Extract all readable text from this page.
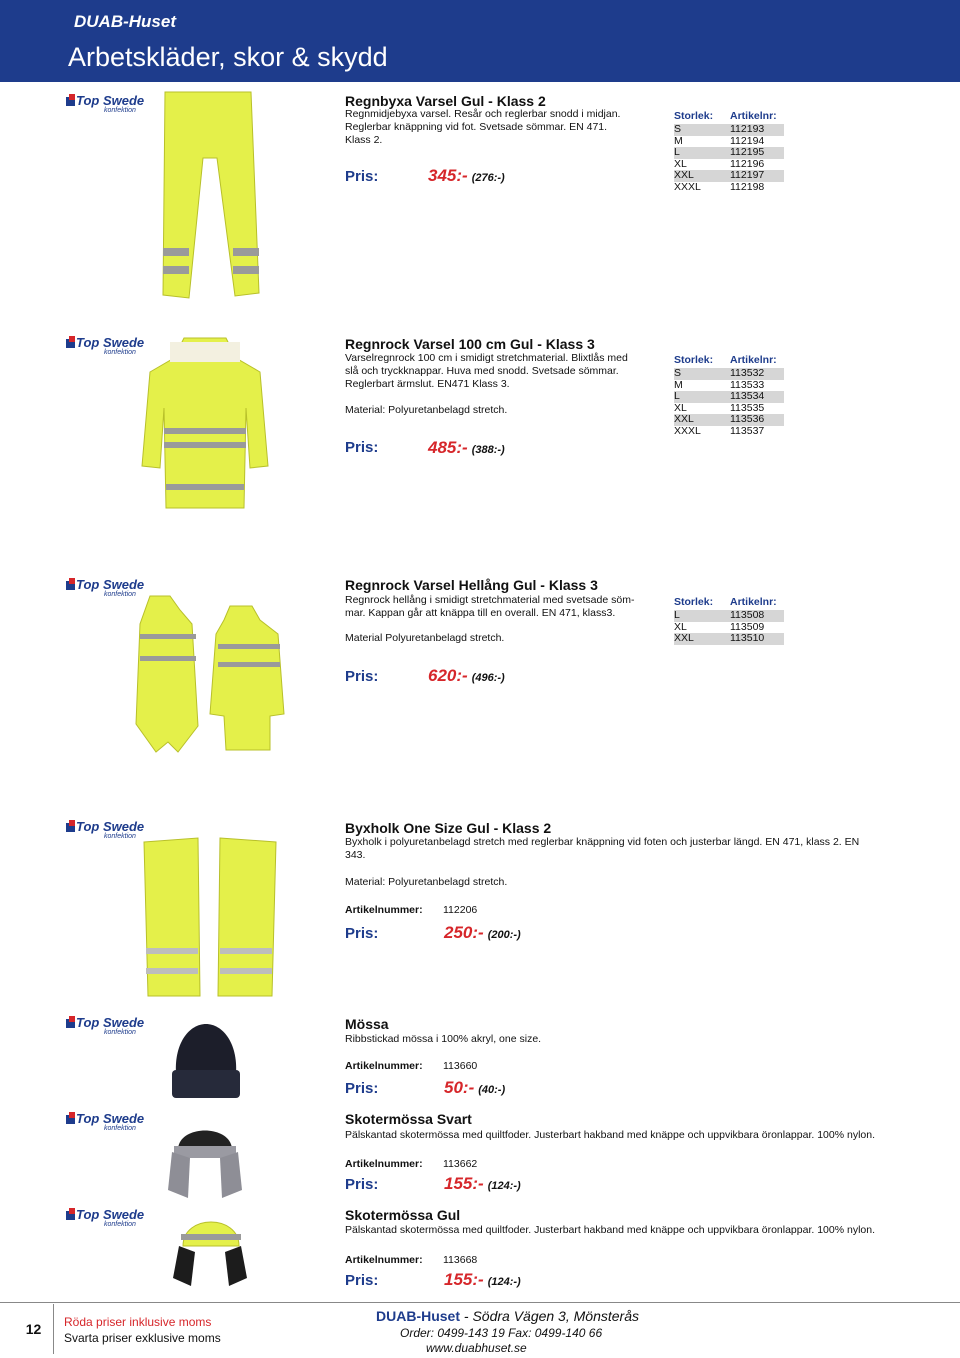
DUAB-Huset
Arbetskläder, skor & skydd
Top Swede
konfektion
Regnbyxa Varsel Gul - Klass 2
Regnmidjebyxa varsel. Resår och reglerbar snodd i midjan.
Reglerbar knäppning vid fot. Svetsade sömmar. EN 471.
Klass 2.
Pris:	345:- (276:-)
Storlek: Artikelnr:
S	112193
M	112194
L	112195
XL	112196
XXL	112197
XXXL	112198
Top Swede
konfektion
Regnrock Varsel 100 cm Gul - Klass 3
Varselregnrock 100 cm i smidigt stretchmaterial. Blixtlås med
slå och tryckknappar. Huva med snodd. Svetsade sömmar.
Reglerbart ärmslut. EN471 Klass 3.
Material: Polyuretanbelagd stretch.
Pris:	485:- (388:-)
Storlek: Artikelnr:
S	113532
M	113533
L	113534
XL	113535
XXL	113536
XXXL	113537
Top Swede
konfektion
Regnrock Varsel Hellång Gul - Klass 3
Regnrock hellång i smidigt stretchmaterial med svetsade söm-
mar. Kappan går att knäppa till en overall. EN 471, klass3.
Material Polyuretanbelagd stretch.
Pris:	620:- (496:-)
Storlek: Artikelnr:
L	113508
XL	113509
XXL	113510
Top Swede
konfektion
Byxholk One Size Gul - Klass 2
Byxholk i polyuretanbelagd stretch med reglerbar knäppning vid foten och justerbar längd. EN 471, klass 2. EN
343.
Material: Polyuretanbelagd stretch.
Artikelnummer: 112206
Pris:	250:- (200:-)
Top Swede
konfektion
Mössa
Ribbstickad mössa i 100% akryl, one size.
Artikelnummer: 113660
Pris:	50:- (40:-)
Top Swede
konfektion
Skotermössa Svart
Pälskantad skotermössa med quiltfoder. Justerbart hakband med knäppe och uppvikbara öronlappar. 100% nylon.
Artikelnummer: 113662
Pris:	155:- (124:-)
Top Swede
konfektion
Skotermössa Gul
Pälskantad skotermössa med quiltfoder. Justerbart hakband med knäppe och uppvikbara öronlappar. 100% nylon.
Artikelnummer: 113668
Pris:	155:- (124:-)
12	Röda priser inklusive moms
Svarta priser exklusive moms
DUAB-Huset - Södra Vägen 3, Mönsterås
Order: 0499-143 19 Fax: 0499-140 66
www.duabhuset.se
